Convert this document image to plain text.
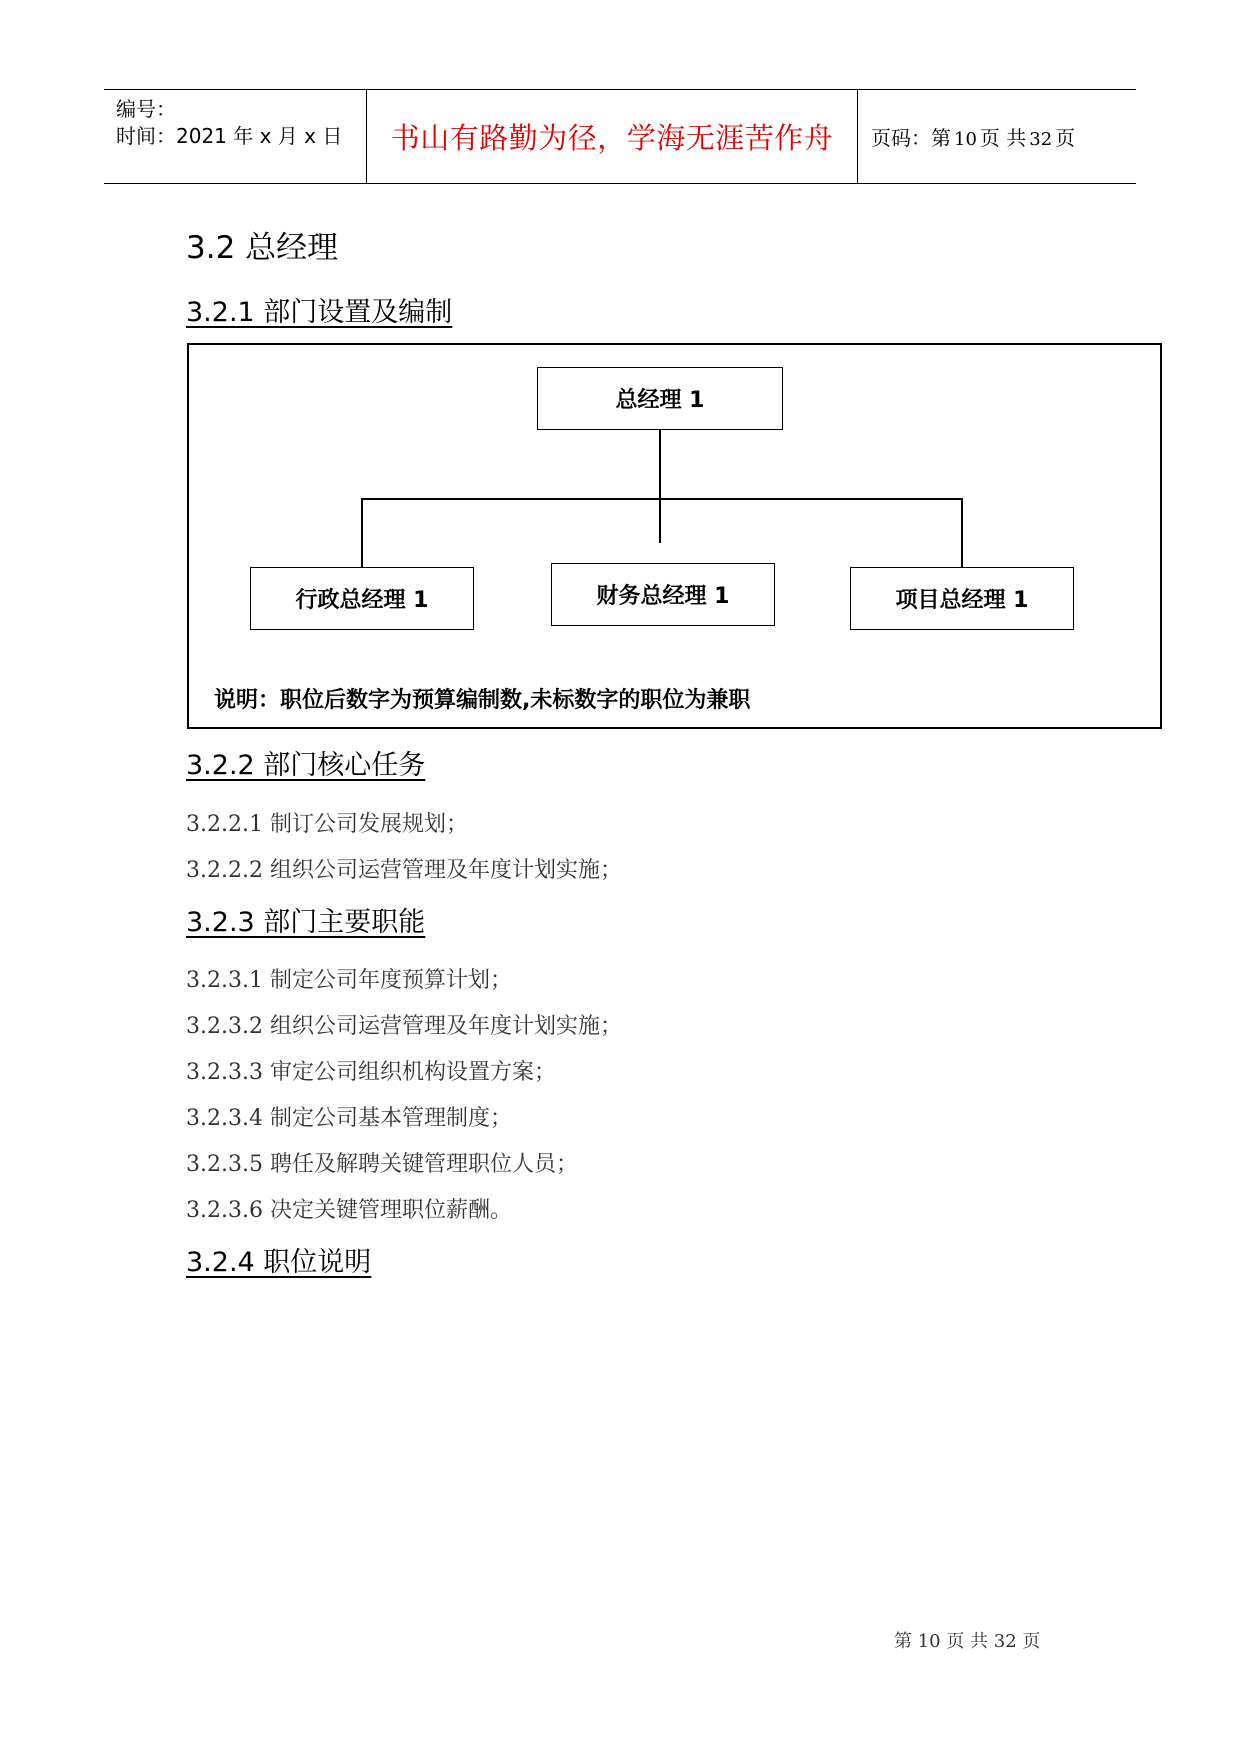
编号：
时间：2021 年 x 月 x 日 书山有路勤为径，学海无涯苦作舟 页码：第 10 页 共 32 页
3.2 总经理
3.2.1 部门设置及编制
总经理 1
行政总经理 1	财务总经理 1	项目总经理 1
说明：职位后数字为预算编制数,未标数字的职位为兼职
3.2.2 部门核心任务
3.2.2.1 制订公司发展规划；
3.2.2.2 组织公司运营管理及年度计划实施；
3.2.3 部门主要职能
3.2.3.1 制定公司年度预算计划；
3.2.3.2 组织公司运营管理及年度计划实施；
3.2.3.3 审定公司组织机构设置方案；
3.2.3.4 制定公司基本管理制度；
3.2.3.5 聘任及解聘关键管理职位人员；
3.2.3.6 决定关键管理职位薪酬。
3.2.4 职位说明
第 10 页 共 32 页
